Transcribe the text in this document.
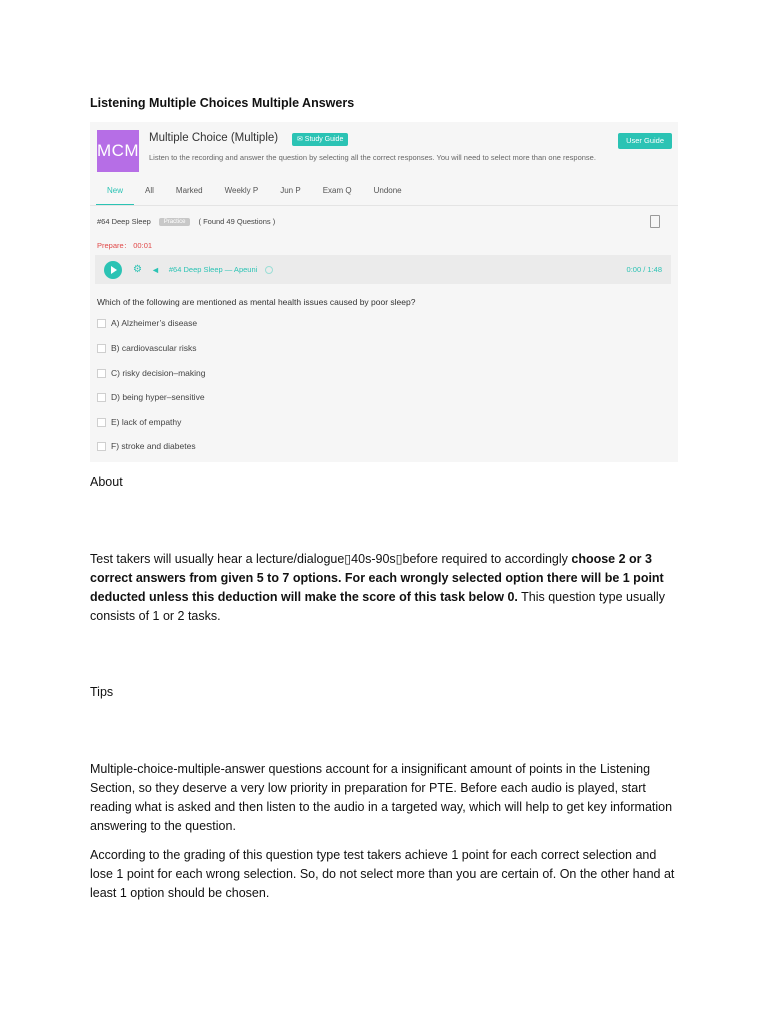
Listening Multiple Choices Multiple Answers
MCM
Multiple Choice (Multiple)	✉ Study Guide	User Guide
Listen to the recording and answer the question by selecting all the correct responses. You will need to select more than one response.
New	All	Marked	Weekly P	Jun P	Exam Q	Undone
#64 Deep Sleep	Practice	( Found 49 Questions )
Prepare： 00:01
⚙ ◄ #64 Deep Sleep — Apeuni	0:00 / 1:48
Which of the following are mentioned as mental health issues caused by poor sleep?
A) Alzheimer’s disease
B) cardiovascular risks
C) risky decision–making
D) being hyper–sensitive
E) lack of empathy
F) stroke and diabetes
About
Test takers will usually hear a lecture/dialogue▯40s-90s▯before required to accordingly choose 2 or 3 correct answers from given 5 to 7 options. For each wrongly selected option there will be 1 point deducted unless this deduction will make the score of this task below 0. This question type usually consists of 1 or 2 tasks.
Tips
Multiple-choice-multiple-answer questions account for a insignificant amount of points in the Listening Section, so they deserve a very low priority in preparation for PTE. Before each audio is played, start reading what is asked and then listen to the audio in a targeted way, which will help to get key information answering to the question.
According to the grading of this question type test takers achieve 1 point for each correct selection and lose 1 point for each wrong selection. So, do not select more than you are certain of. On the other hand at least 1 option should be chosen.
